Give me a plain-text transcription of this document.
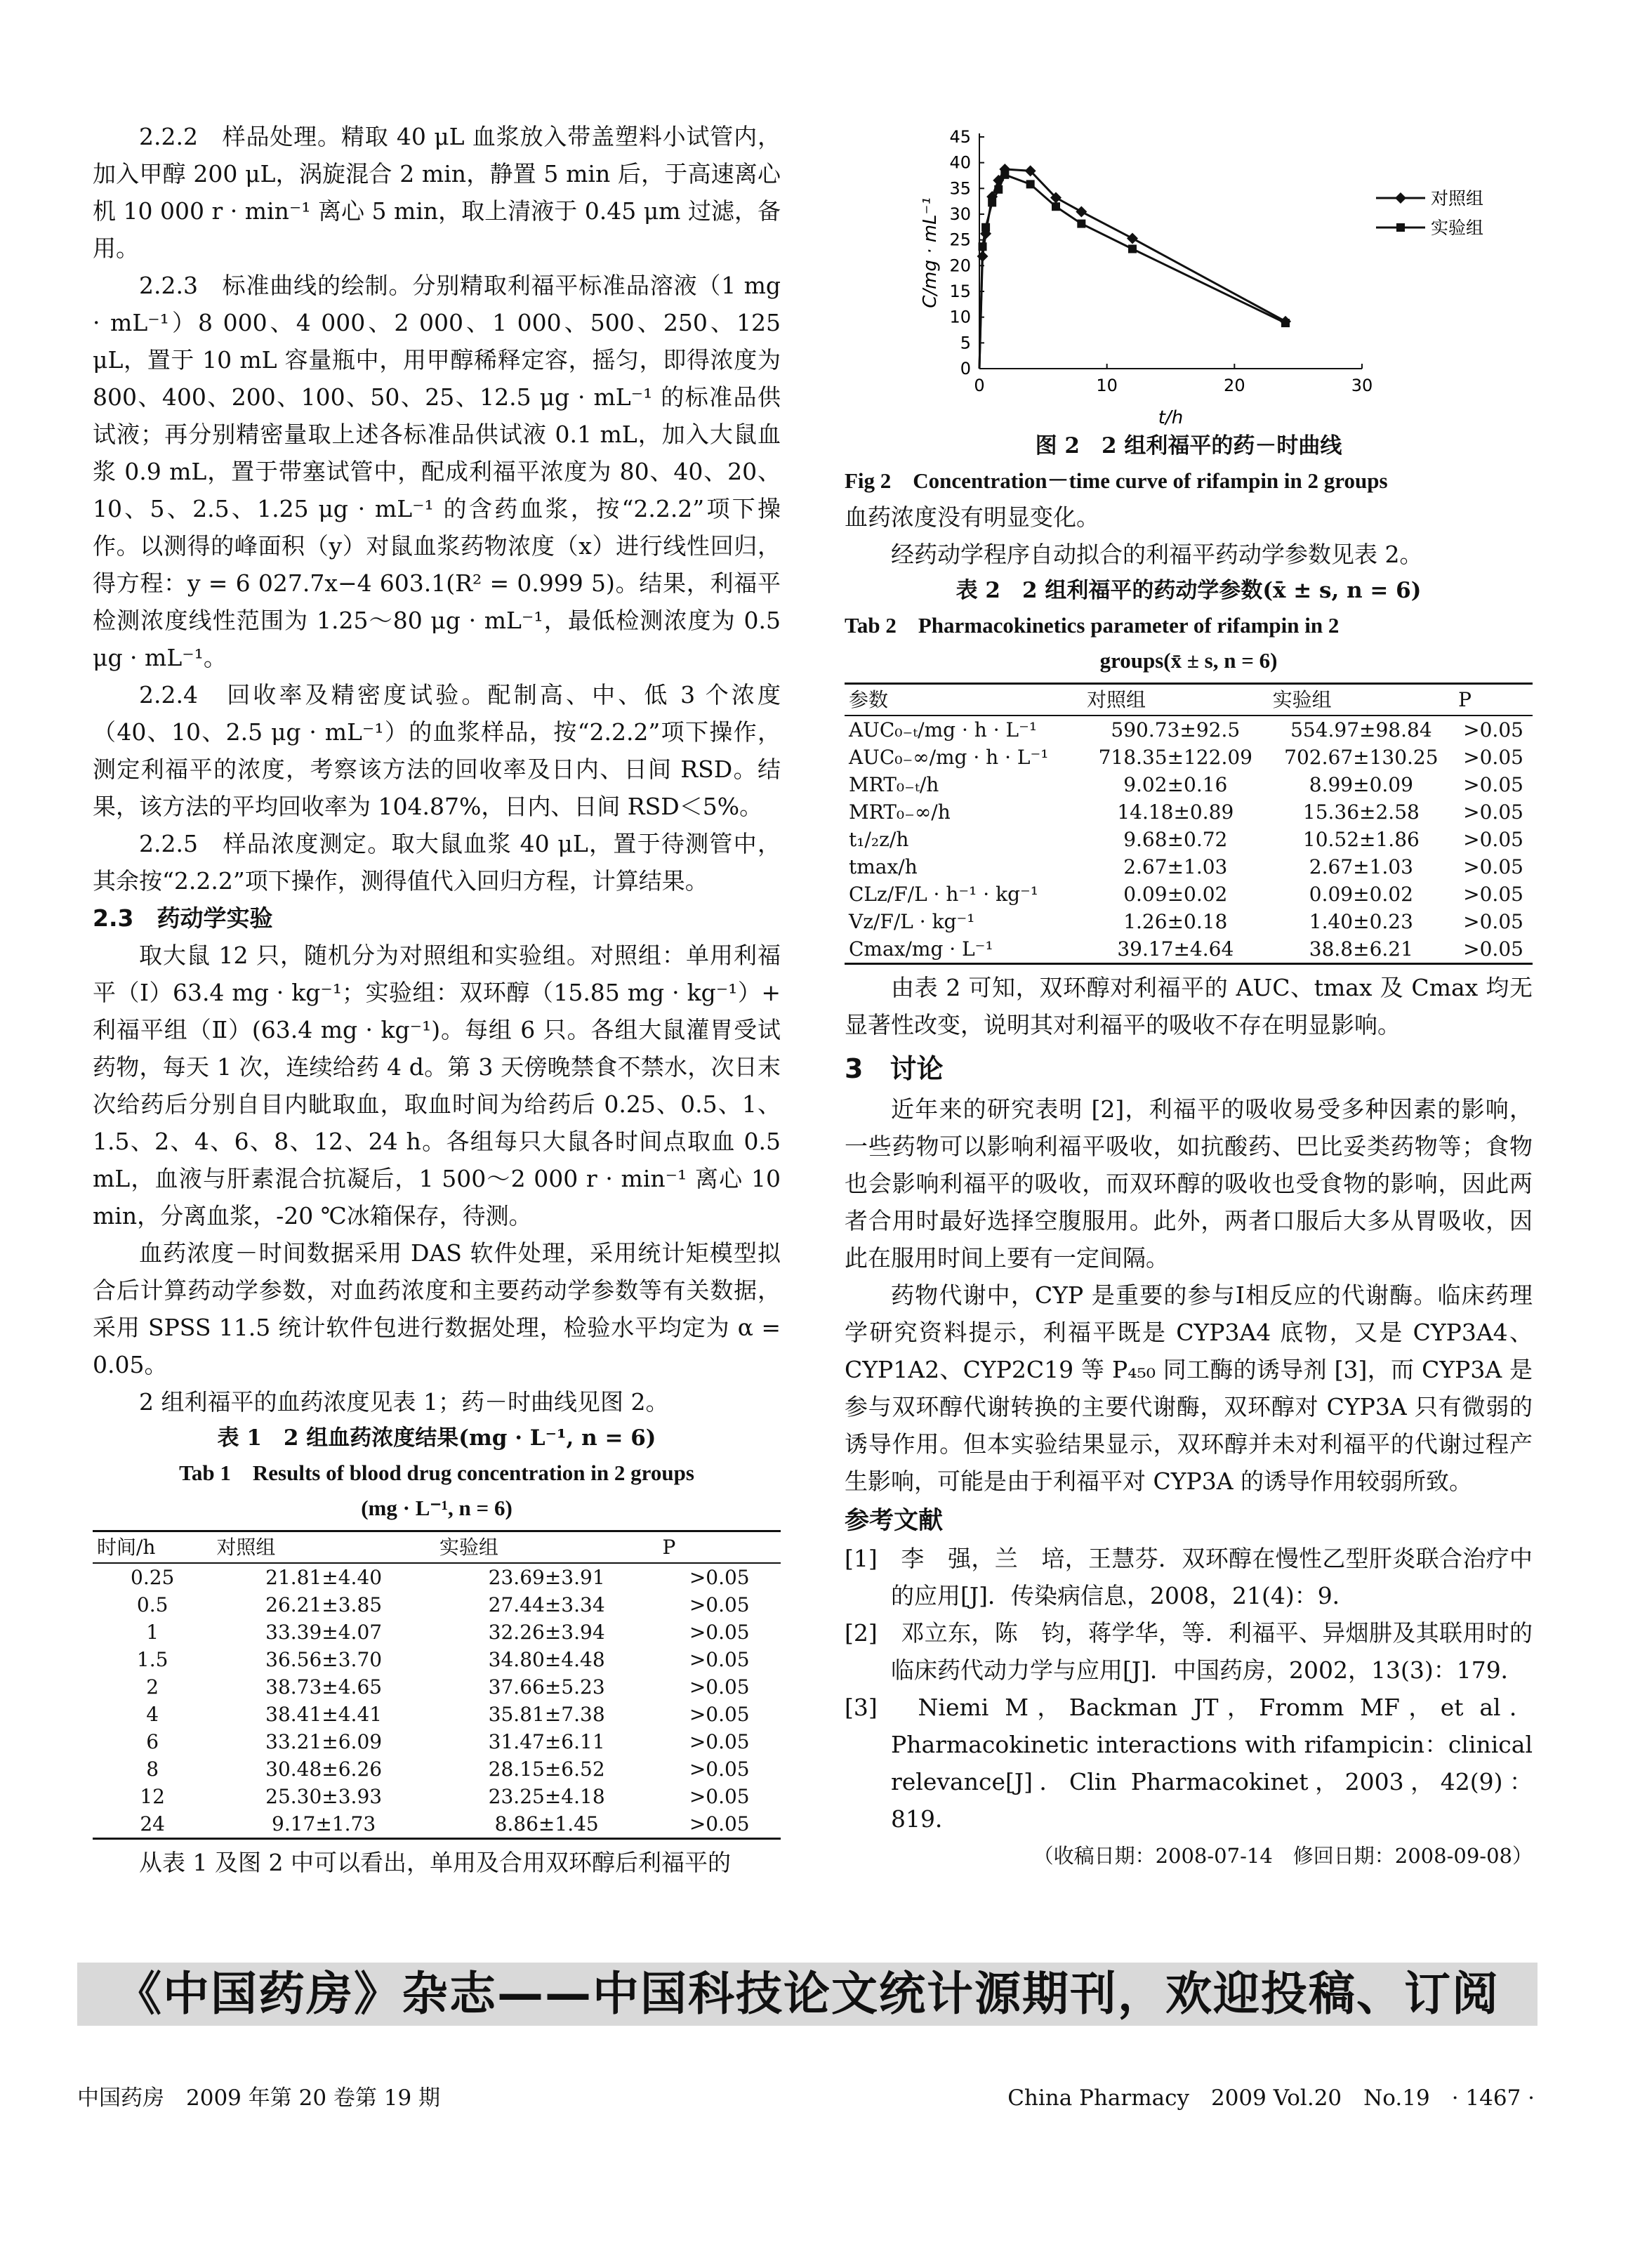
2.2.2　样品处理。精取 40 μL 血浆放入带盖塑料小试管内，加入甲醇 200 μL，涡旋混合 2 min，静置 5 min 后，于高速离心机 10 000 r · min⁻¹ 离心 5 min，取上清液于 0.45 μm 过滤，备用。

2.2.3　标准曲线的绘制。分别精取利福平标准品溶液（1 mg · mL⁻¹）8 000、4 000、2 000、1 000、500、250、125 μL，置于 10 mL 容量瓶中，用甲醇稀释定容，摇匀，即得浓度为 800、400、200、100、50、25、12.5 μg · mL⁻¹ 的标准品供试液；再分别精密量取上述各标准品供试液 0.1 mL，加入大鼠血浆 0.9 mL，置于带塞试管中，配成利福平浓度为 80、40、20、10、5、2.5、1.25 μg · mL⁻¹ 的含药血浆，按“2.2.2”项下操作。以测得的峰面积（y）对鼠血浆药物浓度（x）进行线性回归，得方程：y = 6 027.7x−4 603.1(R² = 0.999 5)。结果，利福平检测浓度线性范围为 1.25～80 μg · mL⁻¹，最低检测浓度为 0.5 μg · mL⁻¹。

2.2.4　回收率及精密度试验。配制高、中、低 3 个浓度（40、10、2.5 μg · mL⁻¹）的血浆样品，按“2.2.2”项下操作，测定利福平的浓度，考察该方法的回收率及日内、日间 RSD。结果，该方法的平均回收率为 104.87%，日内、日间 RSD＜5%。

2.2.5　样品浓度测定。取大鼠血浆 40 μL，置于待测管中，其余按“2.2.2”项下操作，测得值代入回归方程，计算结果。

2.3　药动学实验

取大鼠 12 只，随机分为对照组和实验组。对照组：单用利福平（Ⅰ）63.4 mg · kg⁻¹；实验组：双环醇（15.85 mg · kg⁻¹）+ 利福平组（Ⅱ）(63.4 mg · kg⁻¹)。每组 6 只。各组大鼠灌胃受试药物，每天 1 次，连续给药 4 d。第 3 天傍晚禁食不禁水，次日末次给药后分别自目内眦取血，取血时间为给药后 0.25、0.5、1、1.5、2、4、6、8、12、24 h。各组每只大鼠各时间点取血 0.5 mL，血液与肝素混合抗凝后，1 500～2 000 r · min⁻¹ 离心 10 min，分离血浆，-20 ℃冰箱保存，待测。

血药浓度－时间数据采用 DAS 软件处理，采用统计矩模型拟合后计算药动学参数，对血药浓度和主要药动学参数等有关数据，采用 SPSS 11.5 统计软件包进行数据处理，检验水平均定为 α = 0.05。

2 组利福平的血药浓度见表 1；药－时曲线见图 2。

表 1　2 组血药浓度结果(mg · L⁻¹, n = 6)
Tab 1　Results of blood drug concentration in 2 groups
(mg · L⁻¹, n = 6)
时间/h	对照组	实验组	P
0.25	21.81±4.40	23.69±3.91	>0.05
0.5	26.21±3.85	27.44±3.34	>0.05
1	33.39±4.07	32.26±3.94	>0.05
1.5	36.56±3.70	34.80±4.48	>0.05
2	38.73±4.65	37.66±5.23	>0.05
4	38.41±4.41	35.81±7.38	>0.05
6	33.21±6.09	31.47±6.11	>0.05
8	30.48±6.26	28.15±6.52	>0.05
12	25.30±3.93	23.25±4.18	>0.05
24	9.17±1.73	8.86±1.45	>0.05

从表 1 及图 2 中可以看出，单用及合用双环醇后利福平的

0
5
10
15
20
25
30
35
40
45
0	10	20	30
t/h
C/mg · mL⁻¹	对照组
实验组
图 2　2 组利福平的药－时曲线
Fig 2　Concentration－time curve of rifampin in 2 groups

血药浓度没有明显变化。

经药动学程序自动拟合的利福平药动学参数见表 2。

表 2　2 组利福平的药动学参数(x̄ ± s, n = 6)
Tab 2　Pharmacokinetics parameter of rifampin in 2
groups(x̄ ± s, n = 6)
参数	对照组	实验组	P
AUC₀₋ₜ/mg · h · L⁻¹	590.73±92.5	554.97±98.84	>0.05
AUC₀₋∞/mg · h · L⁻¹	718.35±122.09	702.67±130.25	>0.05
MRT₀₋ₜ/h	9.02±0.16	8.99±0.09	>0.05
MRT₀₋∞/h	14.18±0.89	15.36±2.58	>0.05
t₁/₂z/h	9.68±0.72	10.52±1.86	>0.05
tmax/h	2.67±1.03	2.67±1.03	>0.05
CLz/F/L · h⁻¹ · kg⁻¹	0.09±0.02	0.09±0.02	>0.05
Vz/F/L · kg⁻¹	1.26±0.18	1.40±0.23	>0.05
Cmax/mg · L⁻¹	39.17±4.64	38.8±6.21	>0.05

由表 2 可知，双环醇对利福平的 AUC、tmax 及 Cmax 均无显著性改变，说明其对利福平的吸收不存在明显影响。

3　讨论

近年来的研究表明 [2]，利福平的吸收易受多种因素的影响，一些药物可以影响利福平吸收，如抗酸药、巴比妥类药物等；食物也会影响利福平的吸收，而双环醇的吸收也受食物的影响，因此两者合用时最好选择空腹服用。此外，两者口服后大多从胃吸收，因此在服用时间上要有一定间隔。

药物代谢中，CYP 是重要的参与Ⅰ相反应的代谢酶。临床药理学研究资料提示，利福平既是 CYP3A4 底物，又是 CYP3A4、CYP1A2、CYP2C19 等 P₄₅₀ 同工酶的诱导剂 [3]，而 CYP3A 是参与双环醇代谢转换的主要代谢酶，双环醇对 CYP3A 只有微弱的诱导作用。但本实验结果显示，双环醇并未对利福平的代谢过程产生影响，可能是由于利福平对 CYP3A 的诱导作用较弱所致。

参考文献

[1]　李　强，兰　培，王慧芬．双环醇在慢性乙型肝炎联合治疗中的应用[J]．传染病信息，2008，21(4)：9．

[2]　邓立东，陈　钧，蒋学华，等．利福平、异烟肼及其联用时的临床药代动力学与应用[J]．中国药房，2002，13(3)：179．

[3]　Niemi M，Backman JT，Fromm MF，et al．Pharmacokinetic interactions with rifampicin：clinical relevance[J]．Clin Pharmacokinet，2003，42(9)：819．

（收稿日期：2008-07-14　修回日期：2008-09-08）

《中国药房》杂志——中国科技论文统计源期刊，欢迎投稿、订阅
中国药房　2009 年第 20 卷第 19 期	China Pharmacy　2009 Vol.20　No.19　· 1467 ·
